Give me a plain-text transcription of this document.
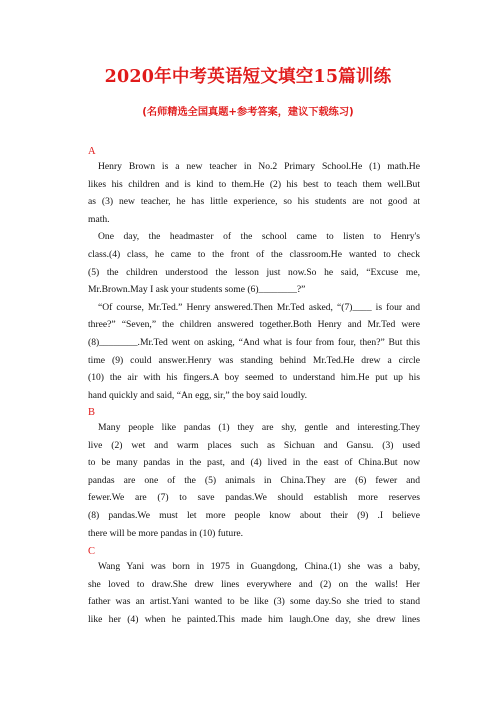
2020年中考英语短文填空15篇训练
(名师精选全国真题+参考答案，建议下载练习)
A
Henry Brown is a new teacher in No.2 Primary School.He (1) math.He
likes his children and is kind to them.He (2) his best to teach them well.But
as (3) new teacher, he has little experience, so his students are not good at
math.
One day, the headmaster of the school came to listen to Henry's
class.(4) class, he came to the front of the classroom.He wanted to check
(5) the children understood the lesson just now.So he said, “Excuse me,
Mr.Brown.May I ask your students some (6)________?”
“Of course, Mr.Ted.” Henry answered.Then Mr.Ted asked, “(7)____ is four and
three?” “Seven,” the children answered together.Both Henry and Mr.Ted were
(8)________.Mr.Ted went on asking, “And what is four from four, then?” But this
time (9) could answer.Henry was standing behind Mr.Ted.He drew a circle
(10) the air with his fingers.A boy seemed to understand him.He put up his
hand quickly and said, “An egg, sir,” the boy said loudly.
B
Many people like pandas (1) they are shy, gentle and interesting.They
live (2) wet and warm places such as Sichuan and Gansu. (3) used
to be many pandas in the past, and (4) lived in the east of China.But now
pandas are one of the (5) animals in China.They are (6) fewer and
fewer.We are (7) to save pandas.We should establish more reserves
(8) pandas.We must let more people know about their (9) .I believe
there will be more pandas in (10) future.
C
Wang Yani was born in 1975 in Guangdong, China.(1) she was a baby,
she loved to draw.She drew lines everywhere and (2) on the walls! Her
father was an artist.Yani wanted to be like (3) some day.So she tried to stand
like her (4) when he painted.This made him laugh.One day, she drew lines
